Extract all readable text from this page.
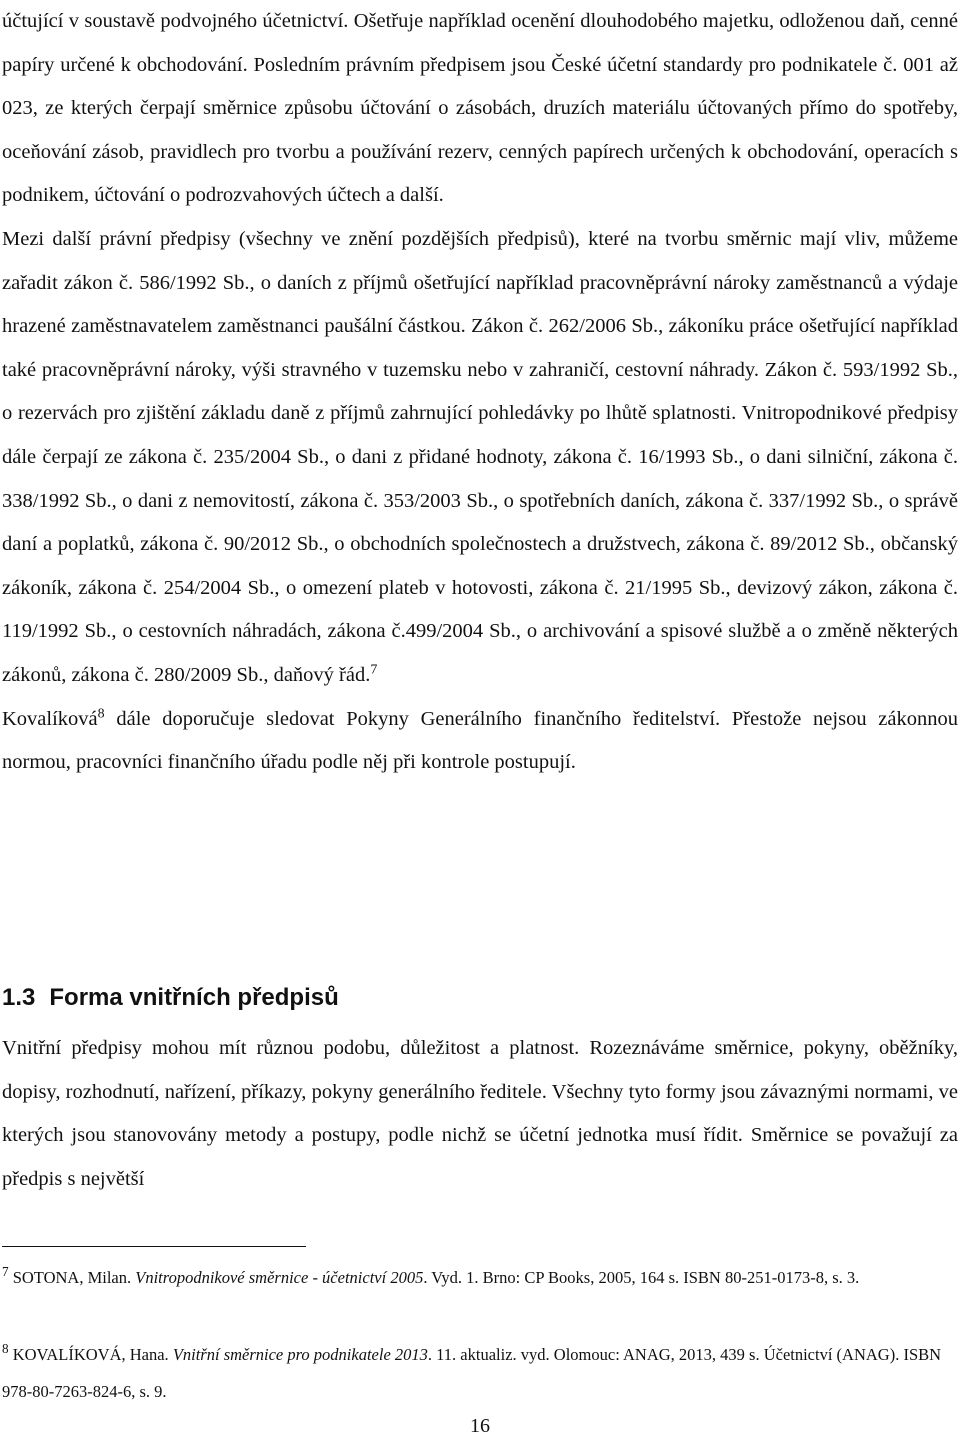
účtující v soustavě podvojného účetnictví. Ošetřuje například ocenění dlouhodobého majetku, odloženou daň, cenné papíry určené k obchodování. Posledním právním předpisem jsou České účetní standardy pro podnikatele č. 001 až 023, ze kterých čerpají směrnice způsobu účtování o zásobách, druzích materiálu účtovaných přímo do spotřeby, oceňování zásob, pravidlech pro tvorbu a používání rezerv, cenných papírech určených k obchodování, operacích s podnikem, účtování o podrozvahových účtech a další.

Mezi další právní předpisy (všechny ve znění pozdějších předpisů), které na tvorbu směrnic mají vliv, můžeme zařadit zákon č. 586/1992 Sb., o daních z příjmů ošetřující například pracovněprávní nároky zaměstnanců a výdaje hrazené zaměstnavatelem zaměstnanci paušální částkou. Zákon č. 262/2006 Sb., zákoníku práce ošetřující například také pracovněprávní nároky, výši stravného v tuzemsku nebo v zahraničí, cestovní náhrady. Zákon č. 593/1992 Sb., o rezervách pro zjištění základu daně z příjmů zahrnující pohledávky po lhůtě splatnosti. Vnitropodnikové předpisy dále čerpají ze zákona č. 235/2004 Sb., o dani z přidané hodnoty, zákona č. 16/1993 Sb., o dani silniční, zákona č. 338/1992 Sb., o dani z nemovitostí, zákona č. 353/2003 Sb., o spotřebních daních, zákona č. 337/1992 Sb., o správě daní a poplatků, zákona č. 90/2012 Sb., o obchodních společnostech a družstvech, zákona č. 89/2012 Sb., občanský zákoník, zákona č. 254/2004 Sb., o omezení plateb v hotovosti, zákona č. 21/1995 Sb., devizový zákon, zákona č. 119/1992 Sb., o cestovních náhradách, zákona č.499/2004 Sb., o archivování a spisové službě a o změně některých zákonů, zákona č. 280/2009 Sb., daňový řád.$^7$

Kovalíková$^8$ dále doporučuje sledovat Pokyny Generálního finančního ředitelství. Přestože nejsou zákonnou normou, pracovníci finančního úřadu podle něj při kontrole postupují.

1.3 Forma vnitřních předpisů

Vnitřní předpisy mohou mít různou podobu, důležitost a platnost. Rozeznáváme směrnice, pokyny, oběžníky, dopisy, rozhodnutí, nařízení, příkazy, pokyny generálního ředitele. Všechny tyto formy jsou závaznými normami, ve kterých jsou stanovovány metody a postupy, podle nichž se účetní jednotka musí řídit. Směrnice se považují za předpis s největší

$^7$ SOTONA, Milan. Vnitropodnikové směrnice - účetnictví 2005. Vyd. 1. Brno: CP Books, 2005, 164 s. ISBN 80-251-0173-8, s. 3.

$^8$ KOVALÍKOVÁ, Hana. Vnitřní směrnice pro podnikatele 2013. 11. aktualiz. vyd. Olomouc: ANAG, 2013, 439 s. Účetnictví (ANAG). ISBN 978-80-7263-824-6, s. 9.

16
